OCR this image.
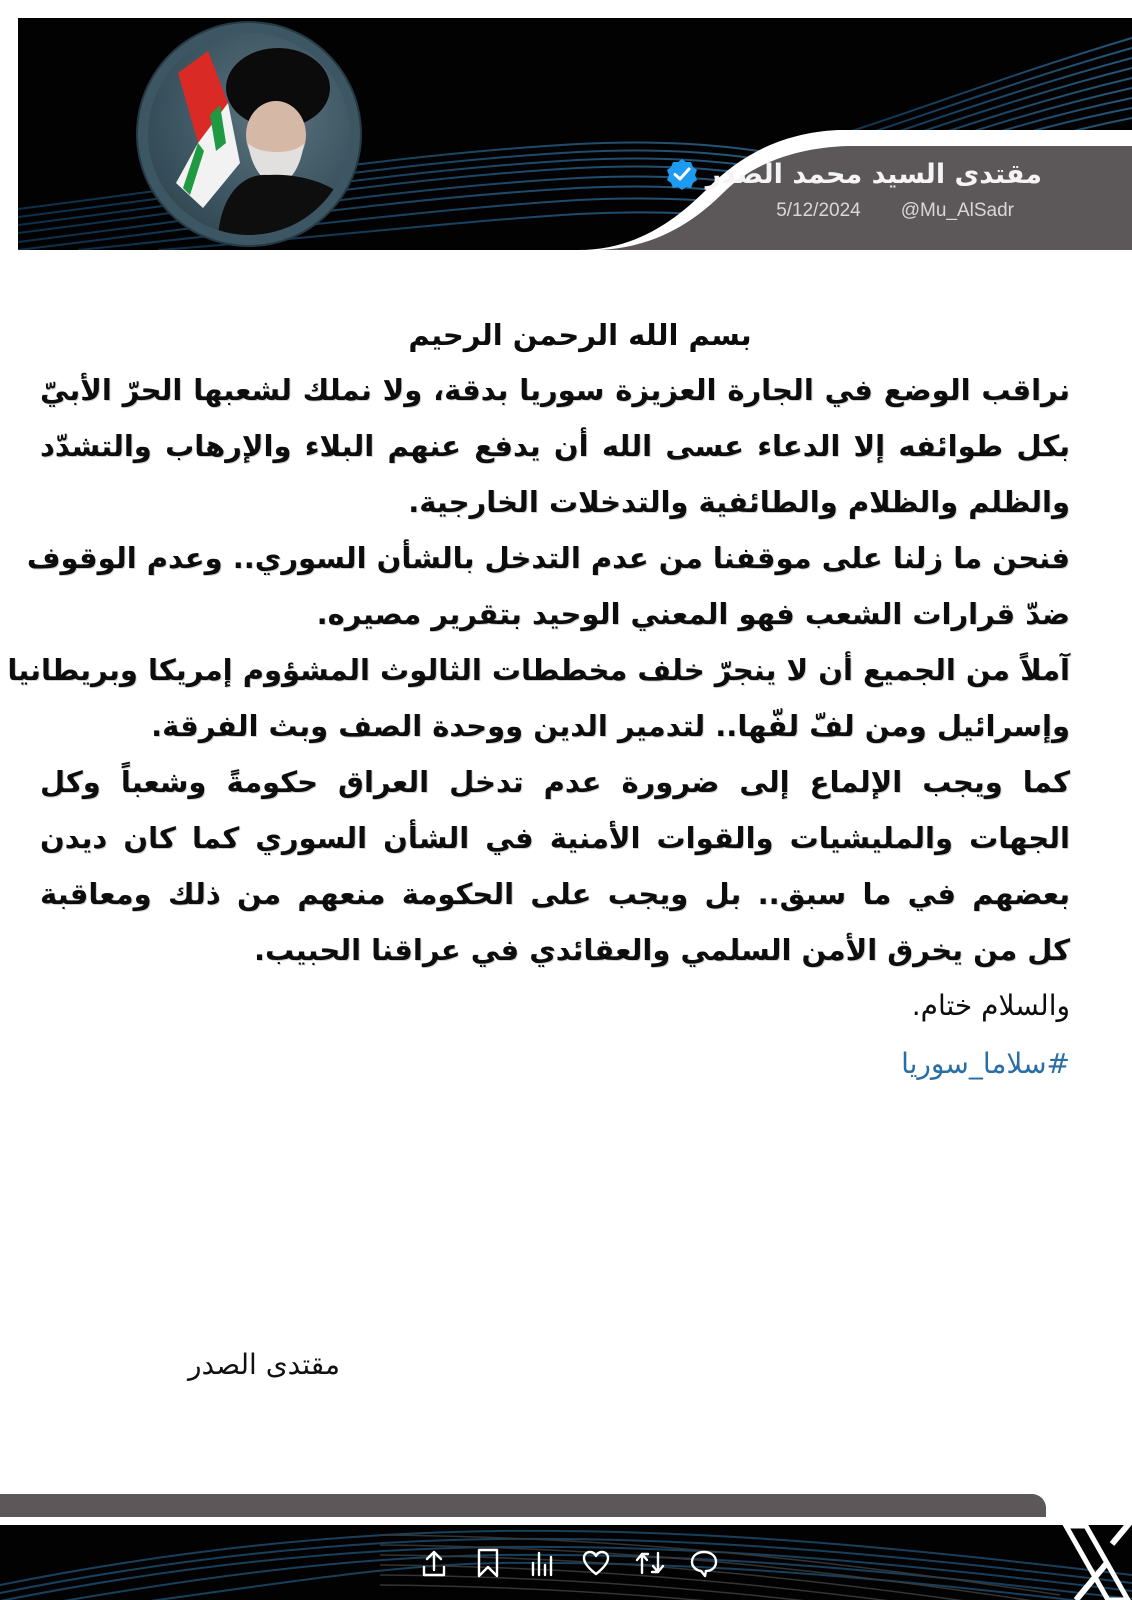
مقتدى السيد محمد الصدر
@Mu_AlSadr
5/12/2024
بسم الله الرحمن الرحيم
نراقب الوضع في الجارة العزيزة سوريا بدقة، ولا نملك لشعبها الحرّ الأبيّ
بكل طوائفه إلا الدعاء عسى الله أن يدفع عنهم البلاء والإرهاب والتشدّد
والظلم والظلام والطائفية والتدخلات الخارجية.
فنحن ما زلنا على موقفنا من عدم التدخل بالشأن السوري.. وعدم الوقوف
ضدّ قرارات الشعب فهو المعني الوحيد بتقرير مصيره.
آملاً من الجميع أن لا ينجرّ خلف مخططات الثالوث المشؤوم إمريكا وبريطانيا
وإسرائيل ومن لفّ لفّها.. لتدمير الدين ووحدة الصف وبث الفرقة.
كما ويجب الإلماع إلى ضرورة عدم تدخل العراق حكومةً وشعباً وكل
الجهات والمليشيات والقوات الأمنية في الشأن السوري كما كان ديدن
بعضهم في ما سبق.. بل ويجب على الحكومة منعهم من ذلك ومعاقبة
كل من يخرق الأمن السلمي والعقائدي في عراقنا الحبيب.
والسلام ختام.
#سلاما_سوريا
مقتدى الصدر
